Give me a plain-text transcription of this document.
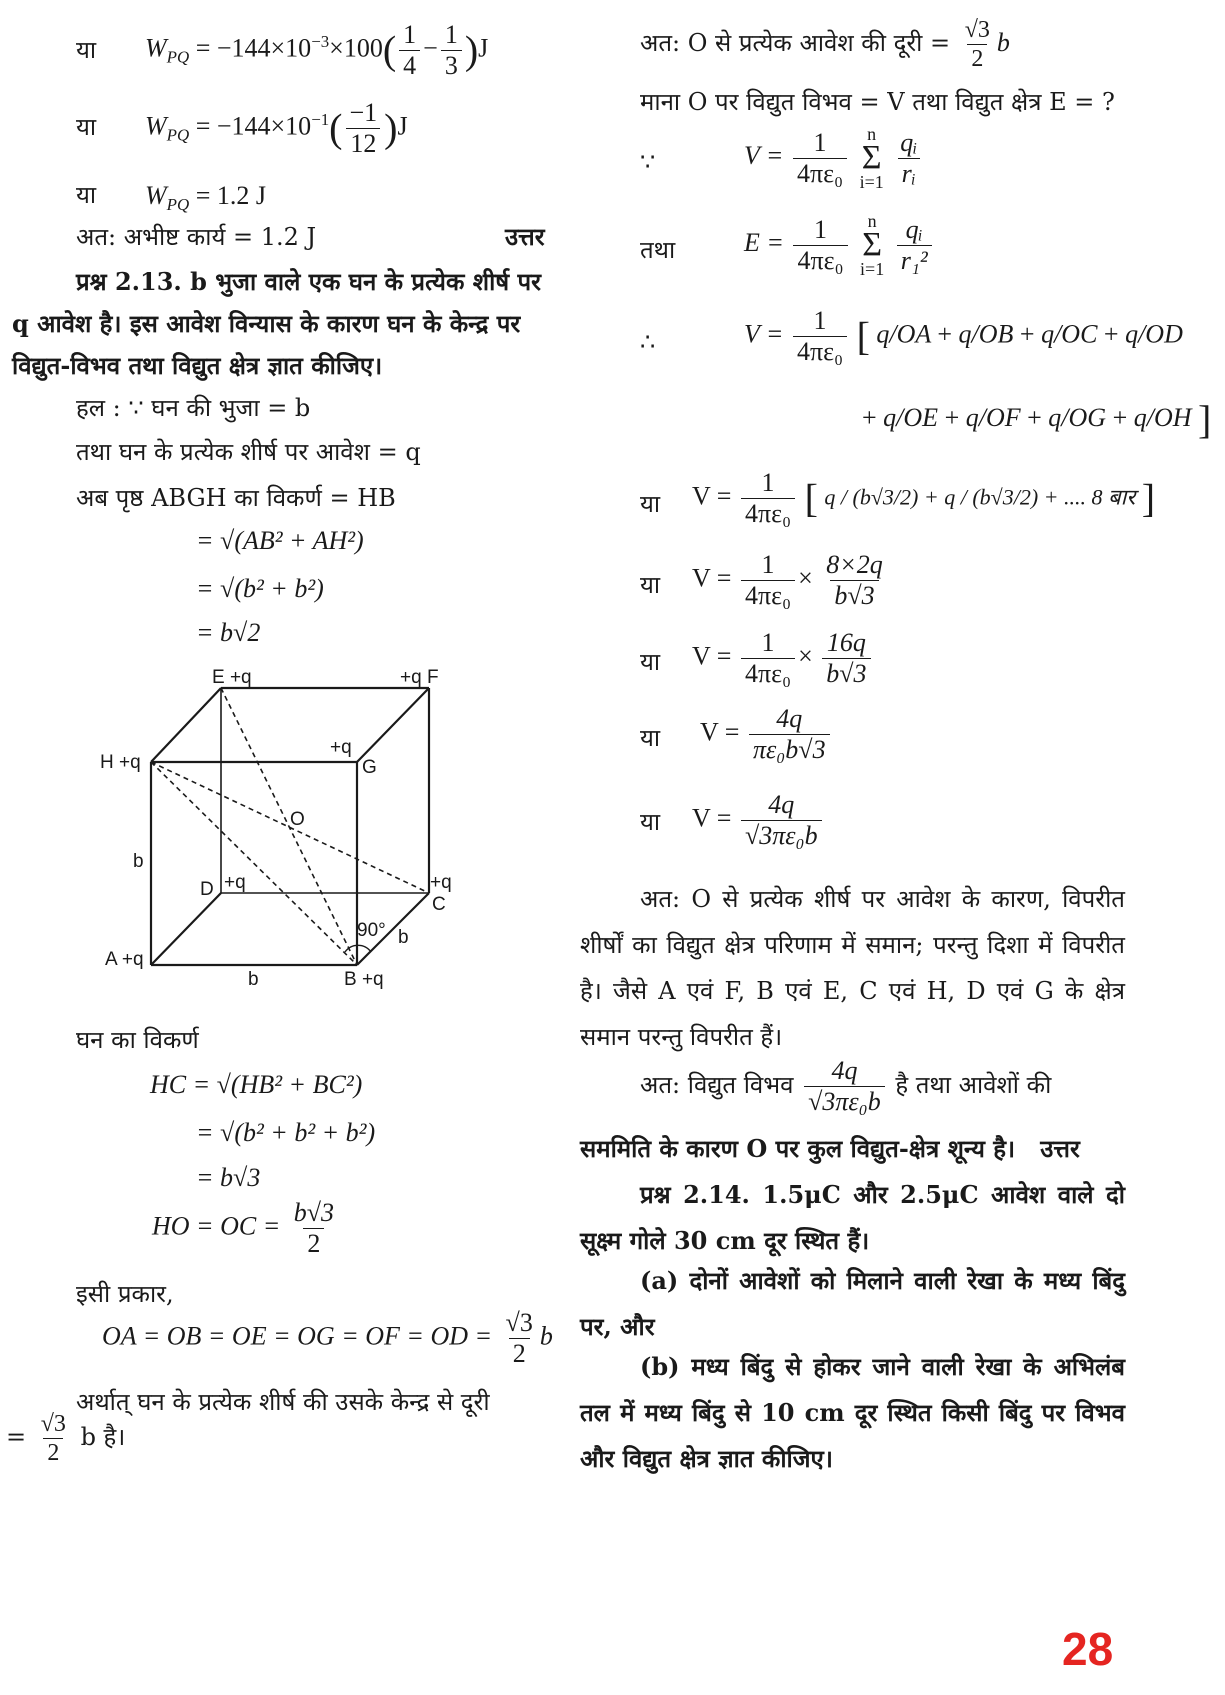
या $W_{PQ} = -144\times 10^{-3}\times 100( \frac{1}{4} - \frac{1}{3} )J$
या $W_{PQ} = -144\times 10^{-1}( \frac{-1}{12} )J$
या $W_{PQ} = 1.2$ J
अत: अभीष्ट कार्य = 1.2 J	उत्तर
प्रश्न 2.13. b भुजा वाले एक घन के प्रत्येक शीर्ष पर
q आवेश है। इस आवेश विन्यास के कारण घन के केन्द्र पर
विद्युत-विभव तथा विद्युत क्षेत्र ज्ञात कीजिए।
हल : ∵ घन की भुजा = b
तथा घन के प्रत्येक शीर्ष पर आवेश = q
अब पृष्ठ ABGH का विकर्ण = HB
= √(AB² + AH²)
= √(b² + b²)
= b√2
E +q	+q F
H +q
+q
G
O
b
D +q	+q
C
90° b
A +q
b	B +q
घन का विकर्ण
HC = √(HB² + BC²)
= √(b² + b² + b²)
= b√3
HO = OC = $\frac{b√3}{2}$
इसी प्रकार,
OA = OB = OE = OG = OF = OD = $\frac{√3}{2}$ b
अर्थात् घन के प्रत्येक शीर्ष की उसके केन्द्र से दूरी
= $\frac{√3}{2}$ b है।
अत: O से प्रत्येक आवेश की दूरी = $\frac{√3}{2}$ b
माना O पर विद्युत विभव = V तथा विद्युत क्षेत्र E = ?
∵	$V = \frac{1}{\text{4πε₀}}$
n
Σ
i=1
$\frac{\text{qᵢ}}{\text{rᵢ}}$
तथा	$E = \frac{1}{\text{4πε₀}}$
n
Σ
i=1
$\frac{\text{qᵢ}}{\text{r₁²}}$
∴	$V = \frac{1}{\text{4πε₀}}$ [ q/OA + q/OB + q/OC + q/OD
+ q/OE + q/OF + q/OG + q/OH ]
या $V = \frac{1}{\text{4πε₀}}$ [ q / (b√3/2) + q / (b√3/2) + .... 8 बार ]
या $V = \frac{1}{\text{4πε₀}} \times \frac{8\times 2q}{b√3}$
या $V = \frac{1}{\text{4πε₀}} \times \frac{16q}{b√3}$
या $V = \frac{4q}{\text{πε₀b√3}}$
या $V = \frac{4q}{\text{√3πε₀b}}$
अत: O से प्रत्येक शीर्ष पर आवेश के कारण, विपरीत शीर्षों का विद्युत क्षेत्र परिणाम में समान; परन्तु दिशा में विपरीत है। जैसे A एवं F, B एवं E, C एवं H, D एवं G के क्षेत्र समान परन्तु विपरीत हैं।
अत: विद्युत विभव $\frac{4q}{\text{√3πε₀b}}$ है तथा आवेशों की
सममिति के कारण O पर कुल विद्युत-क्षेत्र शून्य है। उत्तर
प्रश्न 2.14. 1.5μC और 2.5μC आवेश वाले दो सूक्ष्म गोले 30 cm दूर स्थित हैं।
(a) दोनों आवेशों को मिलाने वाली रेखा के मध्य बिंदु पर, और
(b) मध्य बिंदु से होकर जाने वाली रेखा के अभिलंब तल में मध्य बिंदु से 10 cm दूर स्थित किसी बिंदु पर विभव और विद्युत क्षेत्र ज्ञात कीजिए।
28
